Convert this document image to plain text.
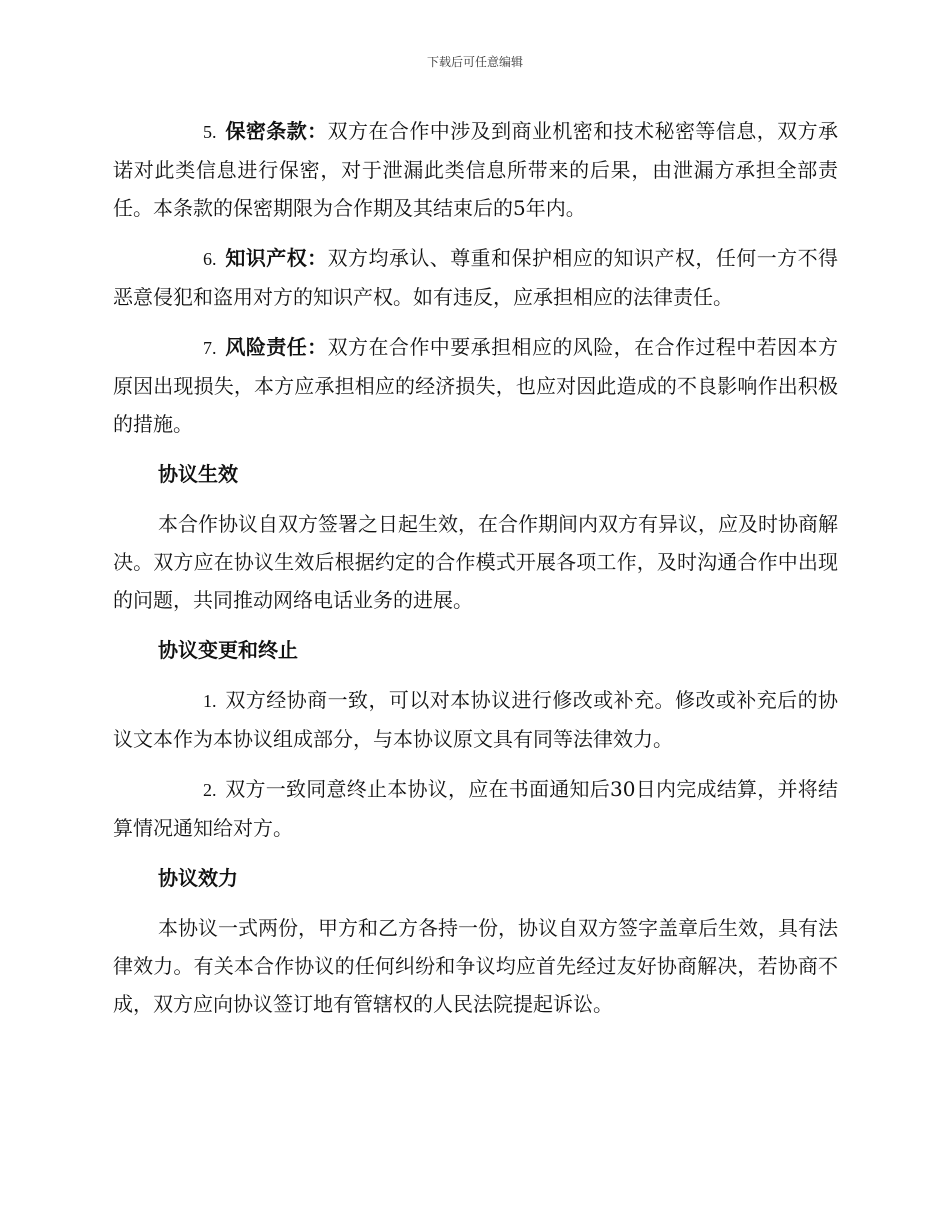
下载后可任意编辑

5. 保密条款：双方在合作中涉及到商业机密和技术秘密等信息，双方承诺对此类信息进行保密，对于泄漏此类信息所带来的后果，由泄漏方承担全部责任。本条款的保密期限为合作期及其结束后的5年内。

6. 知识产权：双方均承认、尊重和保护相应的知识产权，任何一方不得恶意侵犯和盗用对方的知识产权。如有违反，应承担相应的法律责任。

7. 风险责任：双方在合作中要承担相应的风险，在合作过程中若因本方原因出现损失，本方应承担相应的经济损失，也应对因此造成的不良影响作出积极的措施。

协议生效

本合作协议自双方签署之日起生效，在合作期间内双方有异议，应及时协商解决。双方应在协议生效后根据约定的合作模式开展各项工作，及时沟通合作中出现的问题，共同推动网络电话业务的进展。

协议变更和终止

1. 双方经协商一致，可以对本协议进行修改或补充。修改或补充后的协议文本作为本协议组成部分，与本协议原文具有同等法律效力。

2. 双方一致同意终止本协议，应在书面通知后30日内完成结算，并将结算情况通知给对方。

协议效力

本协议一式两份，甲方和乙方各持一份，协议自双方签字盖章后生效，具有法律效力。有关本合作协议的任何纠纷和争议均应首先经过友好协商解决，若协商不成，双方应向协议签订地有管辖权的人民法院提起诉讼。
